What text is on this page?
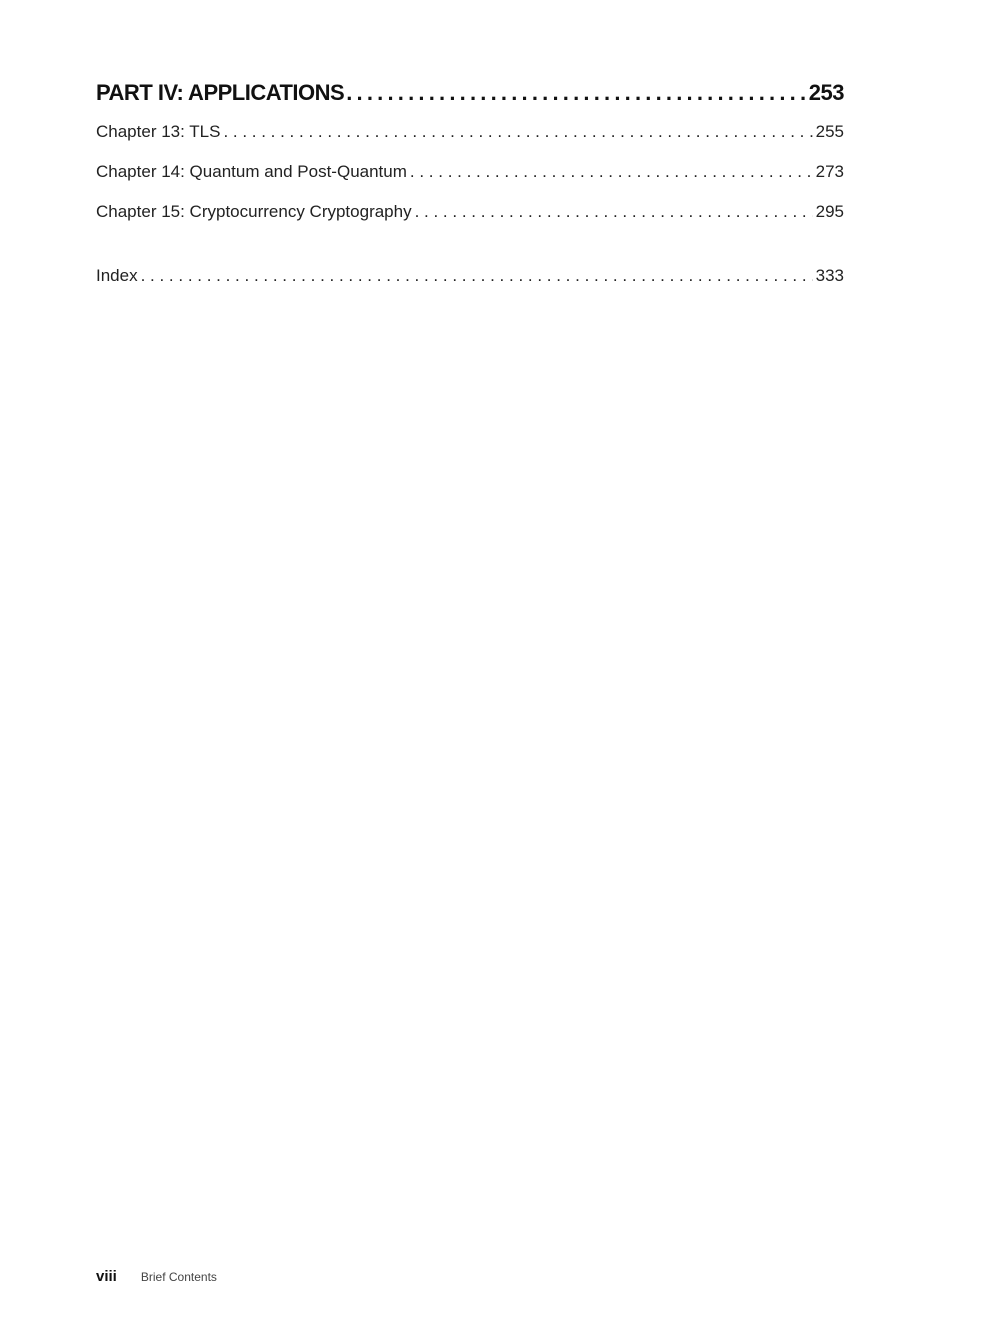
PART IV: APPLICATIONS .....	253
Chapter 13: TLS . . .	255
Chapter 14: Quantum and Post-Quantum . . .	273
Chapter 15: Cryptocurrency Cryptography . . .	295
Index . . .	333
viii Brief Contents
